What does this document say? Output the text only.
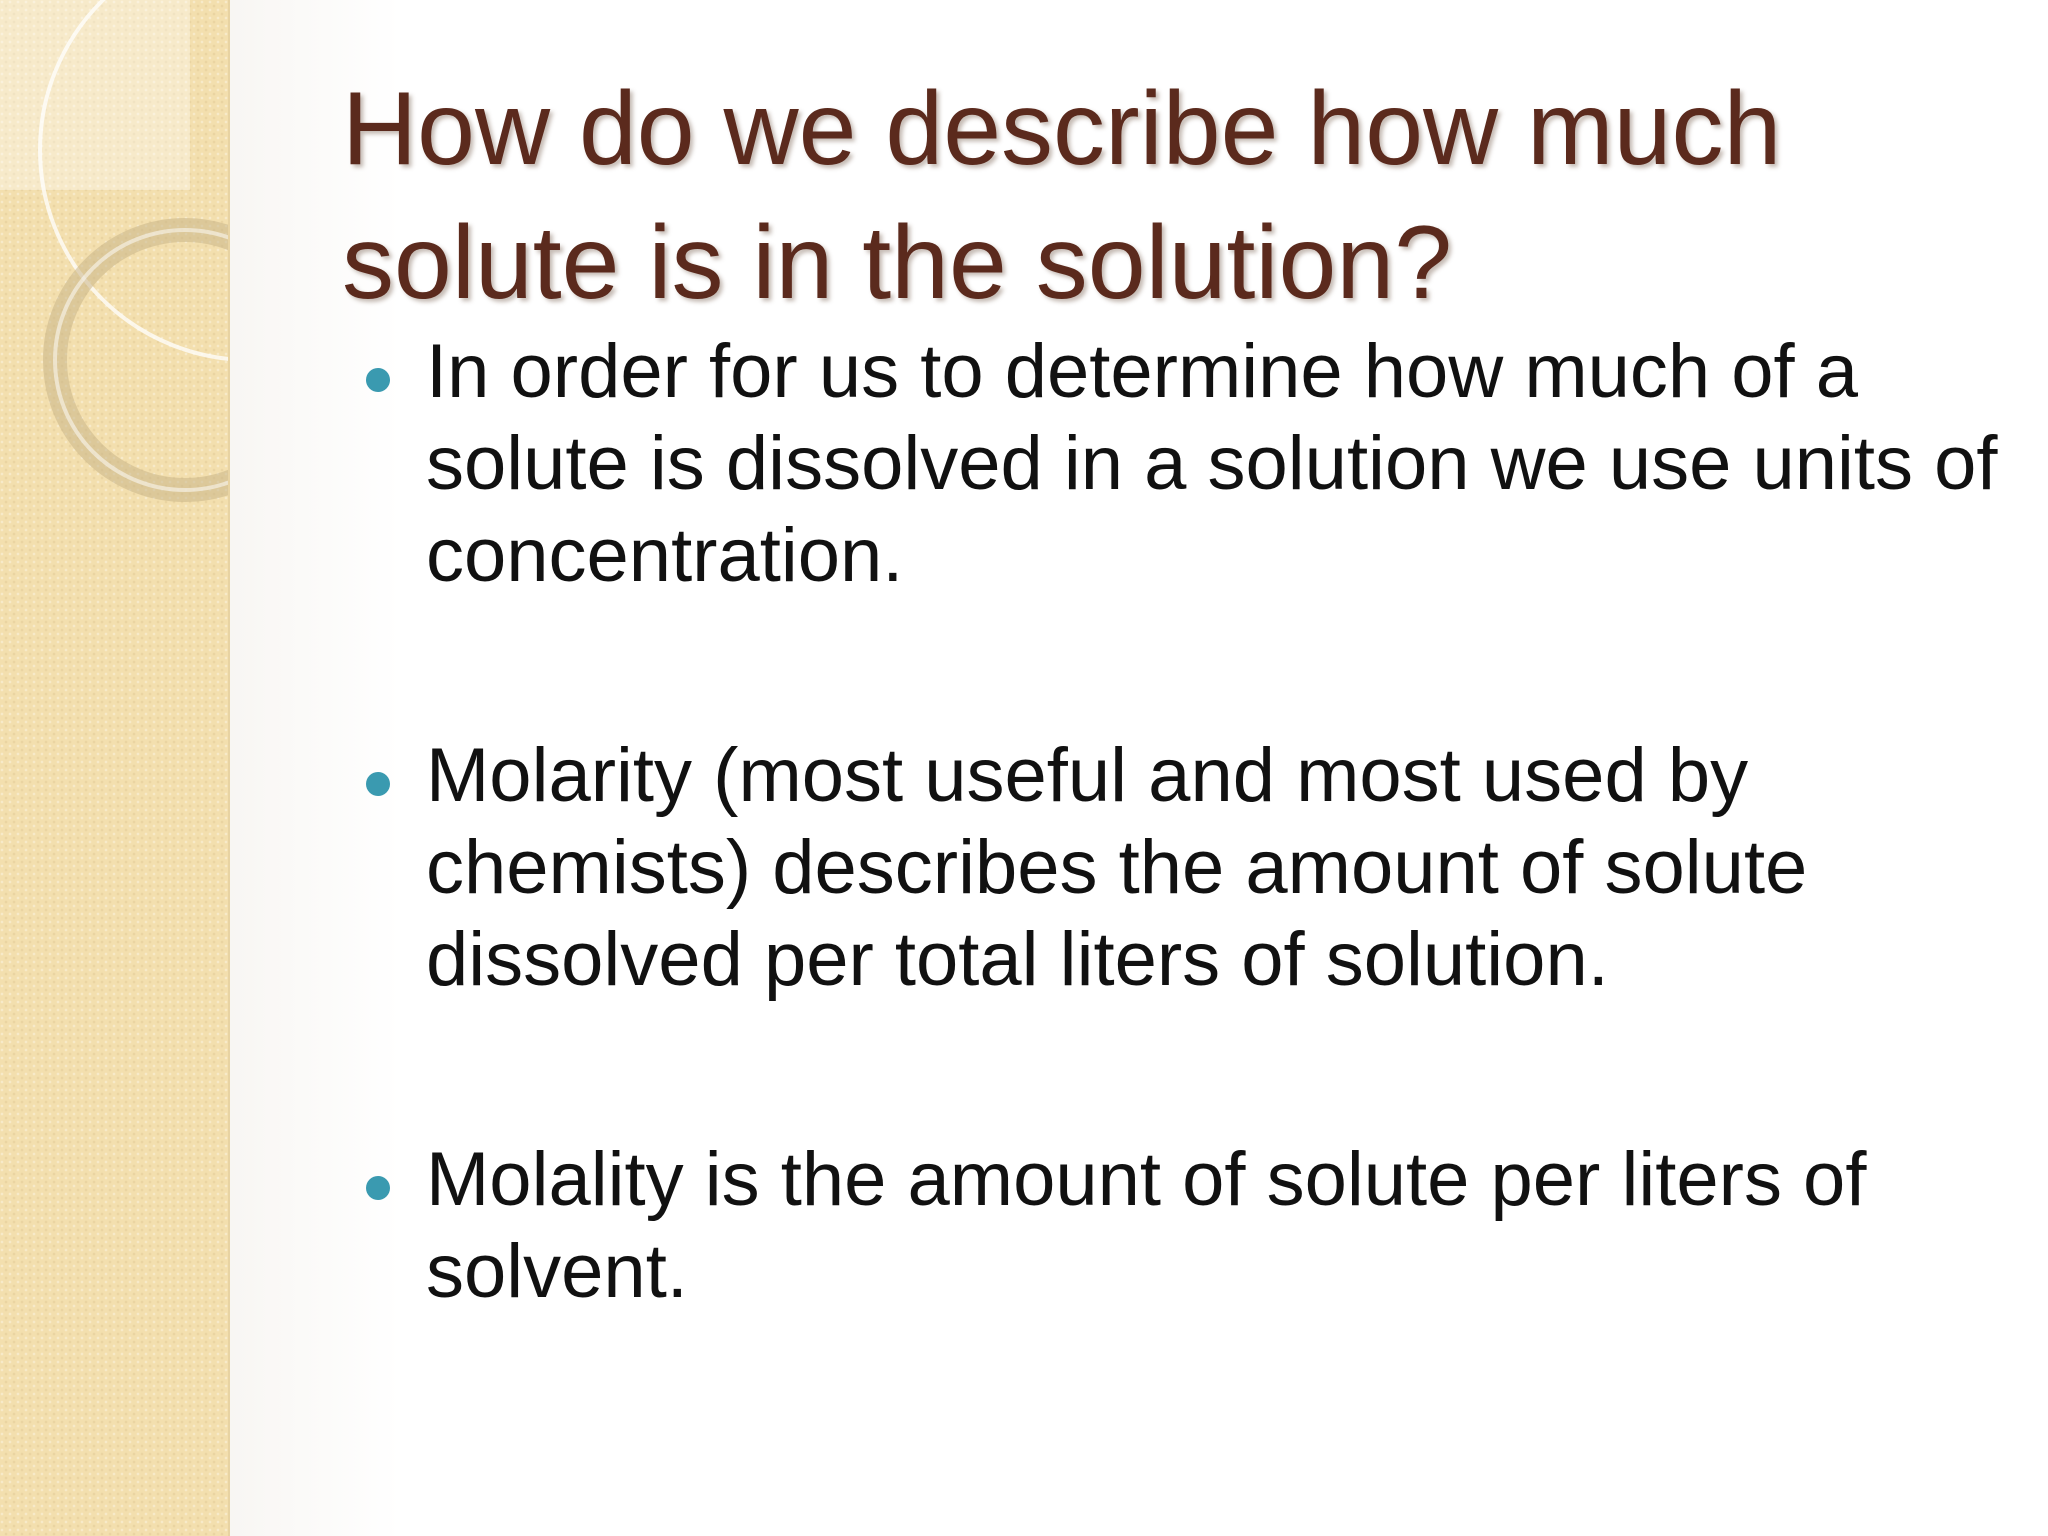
How do we describe how much solute is in the solution?
In order for us to determine how much of a solute is dissolved in a solution we use units of concentration.
Molarity (most useful and most used by chemists) describes the amount of solute dissolved per total liters of solution.
Molality is the amount of solute per liters of solvent.
